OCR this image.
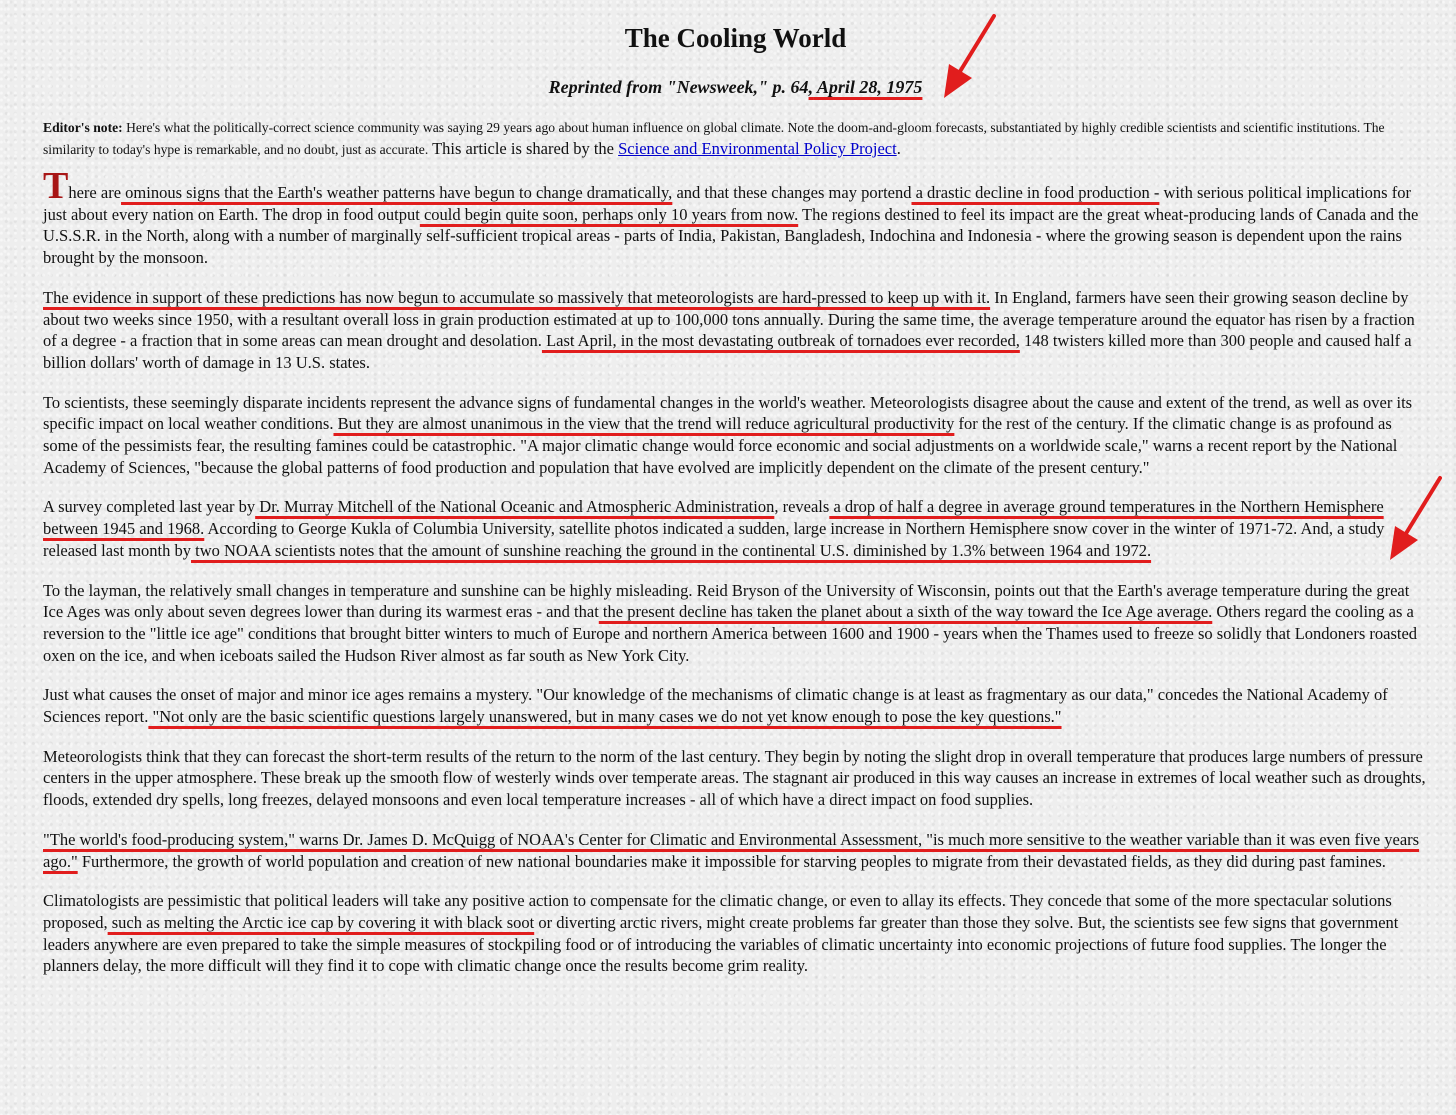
The Cooling World

Reprinted from "Newsweek," p. 64, April 28, 1975

Editor's note: Here's what the politically-correct science community was saying 29 years ago about human influence on global climate. Note the doom-and-gloom forecasts, substantiated by highly credible scientists and scientific institutions. The similarity to today's hype is remarkable, and no doubt, just as accurate. This article is shared by the Science and Environmental Policy Project.

There are ominous signs that the Earth's weather patterns have begun to change dramatically, and that these changes may portend a drastic decline in food production - with serious political implications for just about every nation on Earth. The drop in food output could begin quite soon, perhaps only 10 years from now. The regions destined to feel its impact are the great wheat-producing lands of Canada and the U.S.S.R. in the North, along with a number of marginally self-sufficient tropical areas - parts of India, Pakistan, Bangladesh, Indochina and Indonesia - where the growing season is dependent upon the rains brought by the monsoon.

The evidence in support of these predictions has now begun to accumulate so massively that meteorologists are hard-pressed to keep up with it. In England, farmers have seen their growing season decline by about two weeks since 1950, with a resultant overall loss in grain production estimated at up to 100,000 tons annually. During the same time, the average temperature around the equator has risen by a fraction of a degree - a fraction that in some areas can mean drought and desolation. Last April, in the most devastating outbreak of tornadoes ever recorded, 148 twisters killed more than 300 people and caused half a billion dollars' worth of damage in 13 U.S. states.

To scientists, these seemingly disparate incidents represent the advance signs of fundamental changes in the world's weather. Meteorologists disagree about the cause and extent of the trend, as well as over its specific impact on local weather conditions. But they are almost unanimous in the view that the trend will reduce agricultural productivity for the rest of the century. If the climatic change is as profound as some of the pessimists fear, the resulting famines could be catastrophic. "A major climatic change would force economic and social adjustments on a worldwide scale," warns a recent report by the National Academy of Sciences, "because the global patterns of food production and population that have evolved are implicitly dependent on the climate of the present century."

A survey completed last year by Dr. Murray Mitchell of the National Oceanic and Atmospheric Administration, reveals a drop of half a degree in average ground temperatures in the Northern Hemisphere between 1945 and 1968. According to George Kukla of Columbia University, satellite photos indicated a sudden, large increase in Northern Hemisphere snow cover in the winter of 1971-72. And, a study released last month by two NOAA scientists notes that the amount of sunshine reaching the ground in the continental U.S. diminished by 1.3% between 1964 and 1972.

To the layman, the relatively small changes in temperature and sunshine can be highly misleading. Reid Bryson of the University of Wisconsin, points out that the Earth's average temperature during the great Ice Ages was only about seven degrees lower than during its warmest eras - and that the present decline has taken the planet about a sixth of the way toward the Ice Age average. Others regard the cooling as a reversion to the "little ice age" conditions that brought bitter winters to much of Europe and northern America between 1600 and 1900 - years when the Thames used to freeze so solidly that Londoners roasted oxen on the ice, and when iceboats sailed the Hudson River almost as far south as New York City.

Just what causes the onset of major and minor ice ages remains a mystery. "Our knowledge of the mechanisms of climatic change is at least as fragmentary as our data," concedes the National Academy of Sciences report. "Not only are the basic scientific questions largely unanswered, but in many cases we do not yet know enough to pose the key questions."

Meteorologists think that they can forecast the short-term results of the return to the norm of the last century. They begin by noting the slight drop in overall temperature that produces large numbers of pressure centers in the upper atmosphere. These break up the smooth flow of westerly winds over temperate areas. The stagnant air produced in this way causes an increase in extremes of local weather such as droughts, floods, extended dry spells, long freezes, delayed monsoons and even local temperature increases - all of which have a direct impact on food supplies.

"The world's food-producing system," warns Dr. James D. McQuigg of NOAA's Center for Climatic and Environmental Assessment, "is much more sensitive to the weather variable than it was even five years ago." Furthermore, the growth of world population and creation of new national boundaries make it impossible for starving peoples to migrate from their devastated fields, as they did during past famines.

Climatologists are pessimistic that political leaders will take any positive action to compensate for the climatic change, or even to allay its effects. They concede that some of the more spectacular solutions proposed, such as melting the Arctic ice cap by covering it with black soot or diverting arctic rivers, might create problems far greater than those they solve. But, the scientists see few signs that government leaders anywhere are even prepared to take the simple measures of stockpiling food or of introducing the variables of climatic uncertainty into economic projections of future food supplies. The longer the planners delay, the more difficult will they find it to cope with climatic change once the results become grim reality.
